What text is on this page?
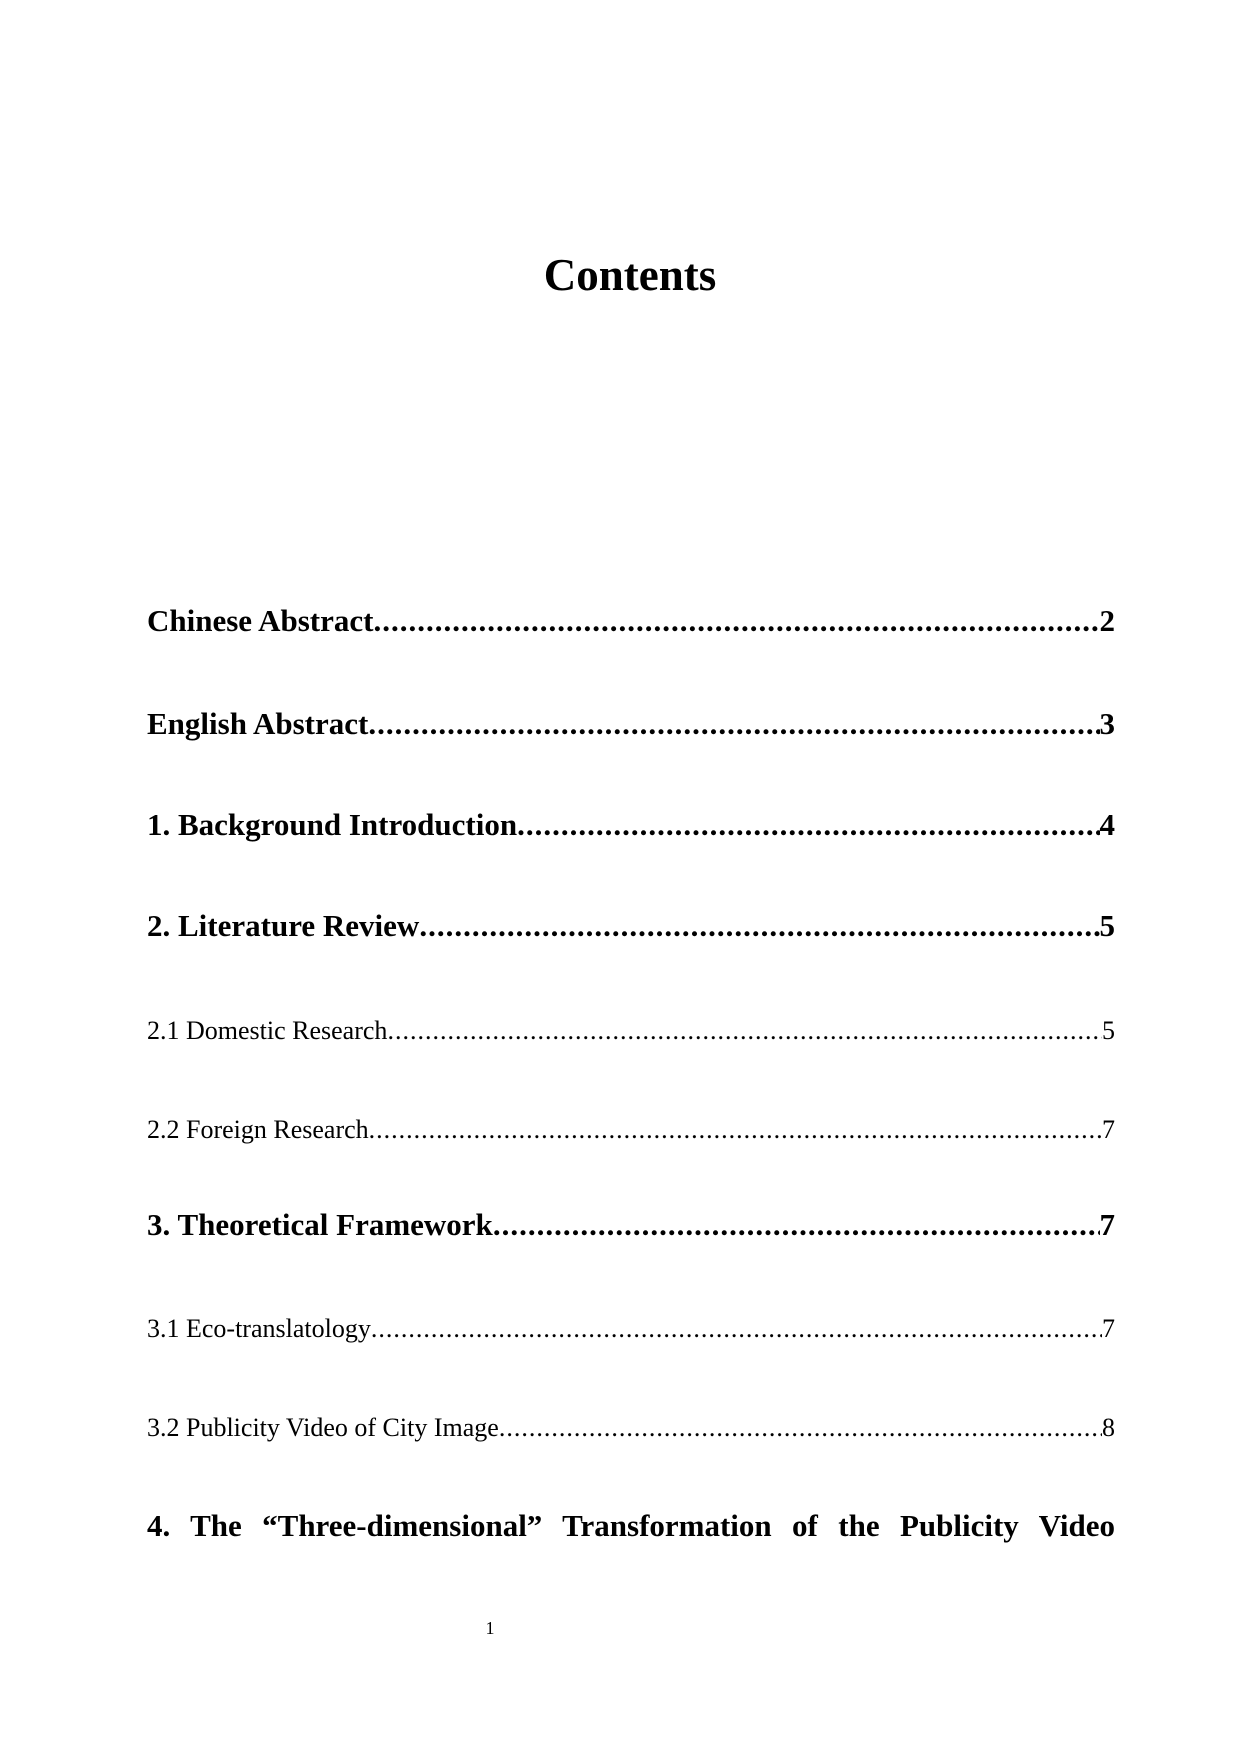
Contents
Chinese Abstract .....	2
English Abstract .....	3
1. Background Introduction .....	4
2. Literature Review .....	5
2.1 Domestic Research .....	5
2.2 Foreign Research .....	7
3. Theoretical Framework .....	7
3.1 Eco-translatology .....	7
3.2 Publicity Video of City Image .....	8
4. The “Three-dimensional” Transformation of the Publicity Video
1
